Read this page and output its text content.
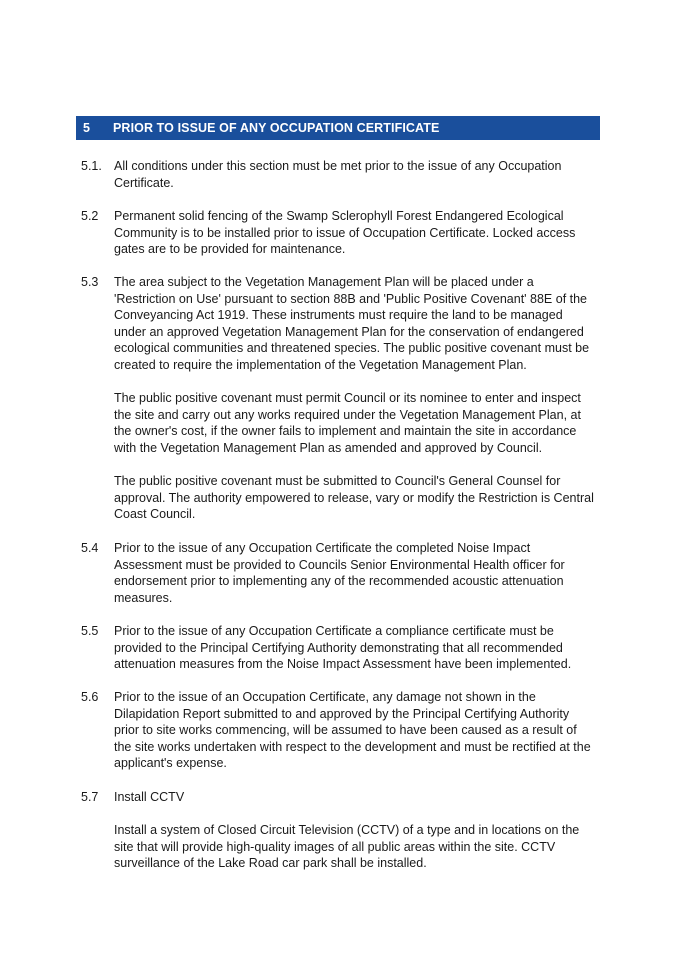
5	PRIOR TO ISSUE OF ANY OCCUPATION CERTIFICATE
5.1. All conditions under this section must be met prior to the issue of any Occupation Certificate.

5.2	Permanent solid fencing of the Swamp Sclerophyll Forest Endangered Ecological Community is to be installed prior to issue of Occupation Certificate. Locked access gates are to be provided for maintenance.

5.3	The area subject to the Vegetation Management Plan will be placed under a 'Restriction on Use' pursuant to section 88B and 'Public Positive Covenant' 88E of the Conveyancing Act 1919. These instruments must require the land to be managed under an approved Vegetation Management Plan for the conservation of endangered ecological communities and threatened species. The public positive covenant must be created to require the implementation of the Vegetation Management Plan.

The public positive covenant must permit Council or its nominee to enter and inspect the site and carry out any works required under the Vegetation Management Plan, at the owner's cost, if the owner fails to implement and maintain the site in accordance with the Vegetation Management Plan as amended and approved by Council.

The public positive covenant must be submitted to Council's General Counsel for approval. The authority empowered to release, vary or modify the Restriction is Central Coast Council.

5.4	Prior to the issue of any Occupation Certificate the completed Noise Impact Assessment must be provided to Councils Senior Environmental Health officer for endorsement prior to implementing any of the recommended acoustic attenuation measures.

5.5	Prior to the issue of any Occupation Certificate a compliance certificate must be provided to the Principal Certifying Authority demonstrating that all recommended attenuation measures from the Noise Impact Assessment have been implemented.

5.6	Prior to the issue of an Occupation Certificate, any damage not shown in the Dilapidation Report submitted to and approved by the Principal Certifying Authority prior to site works commencing, will be assumed to have been caused as a result of the site works undertaken with respect to the development and must be rectified at the applicant's expense.

5.7	Install CCTV

Install a system of Closed Circuit Television (CCTV) of a type and in locations on the site that will provide high-quality images of all public areas within the site. CCTV surveillance of the Lake Road car park shall be installed.
